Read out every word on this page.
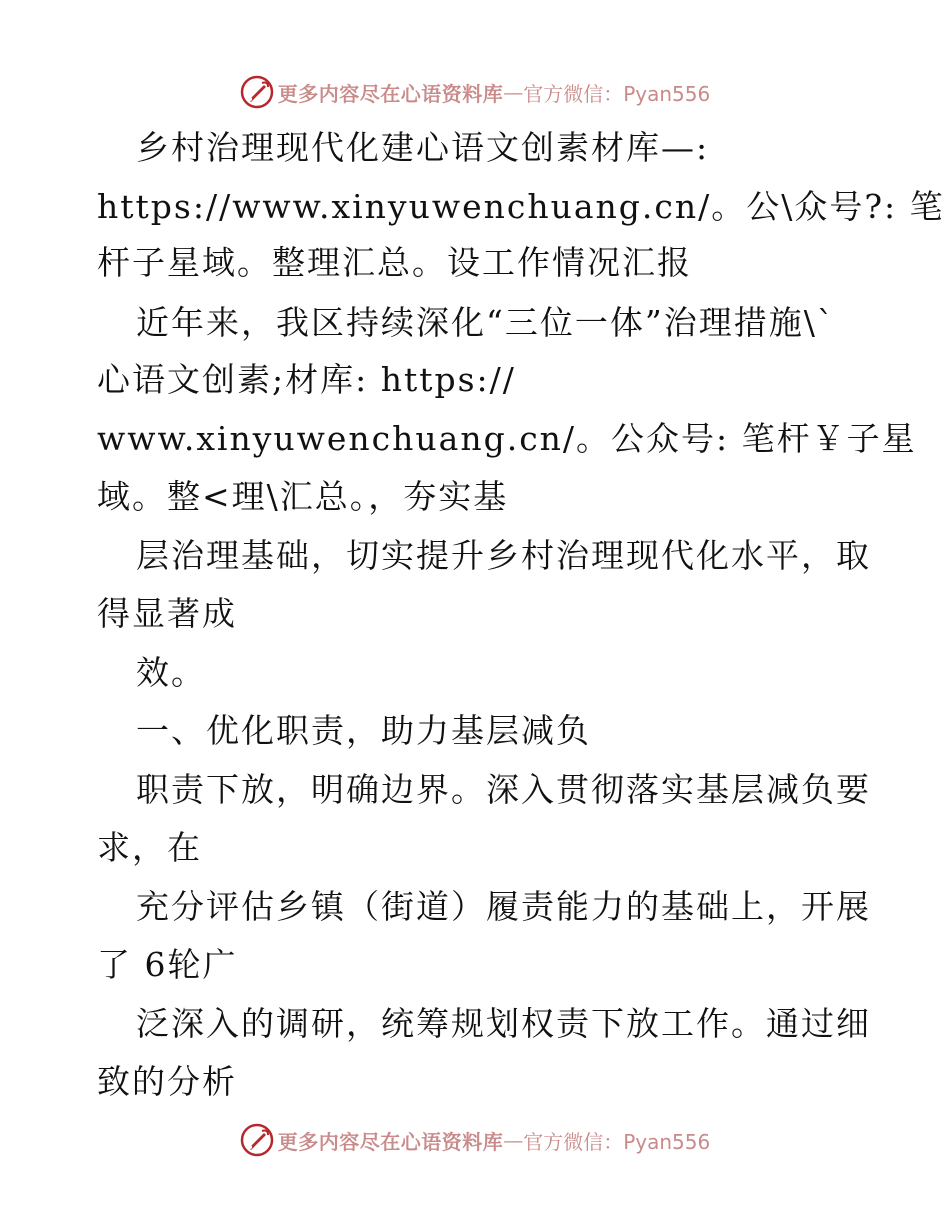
更多内容尽在心语资料库 — 官方微信：Pyan556
乡村治理现代化建心语文创素材库—:
https://www.xinyuwenchuang.cn/。公\众号?: 笔
杆子星域。整理汇总。设工作情况汇报
近年来，我区持续深化“三位一体”治理措施\`
心语文创素;材库: https://
www.xinyuwenchuang.cn/。公众号: 笔杆￥子星
域。整<理\汇总。，夯实基
层治理基础，切实提升乡村治理现代化水平，取
得显著成
效。
一、优化职责，助力基层减负
职责下放，明确边界。深入贯彻落实基层减负要
求，在
充分评估乡镇（街道）履责能力的基础上，开展
了 6轮广
泛深入的调研，统筹规划权责下放工作。通过细
致的分析
更多内容尽在心语资料库 — 官方微信：Pyan556
